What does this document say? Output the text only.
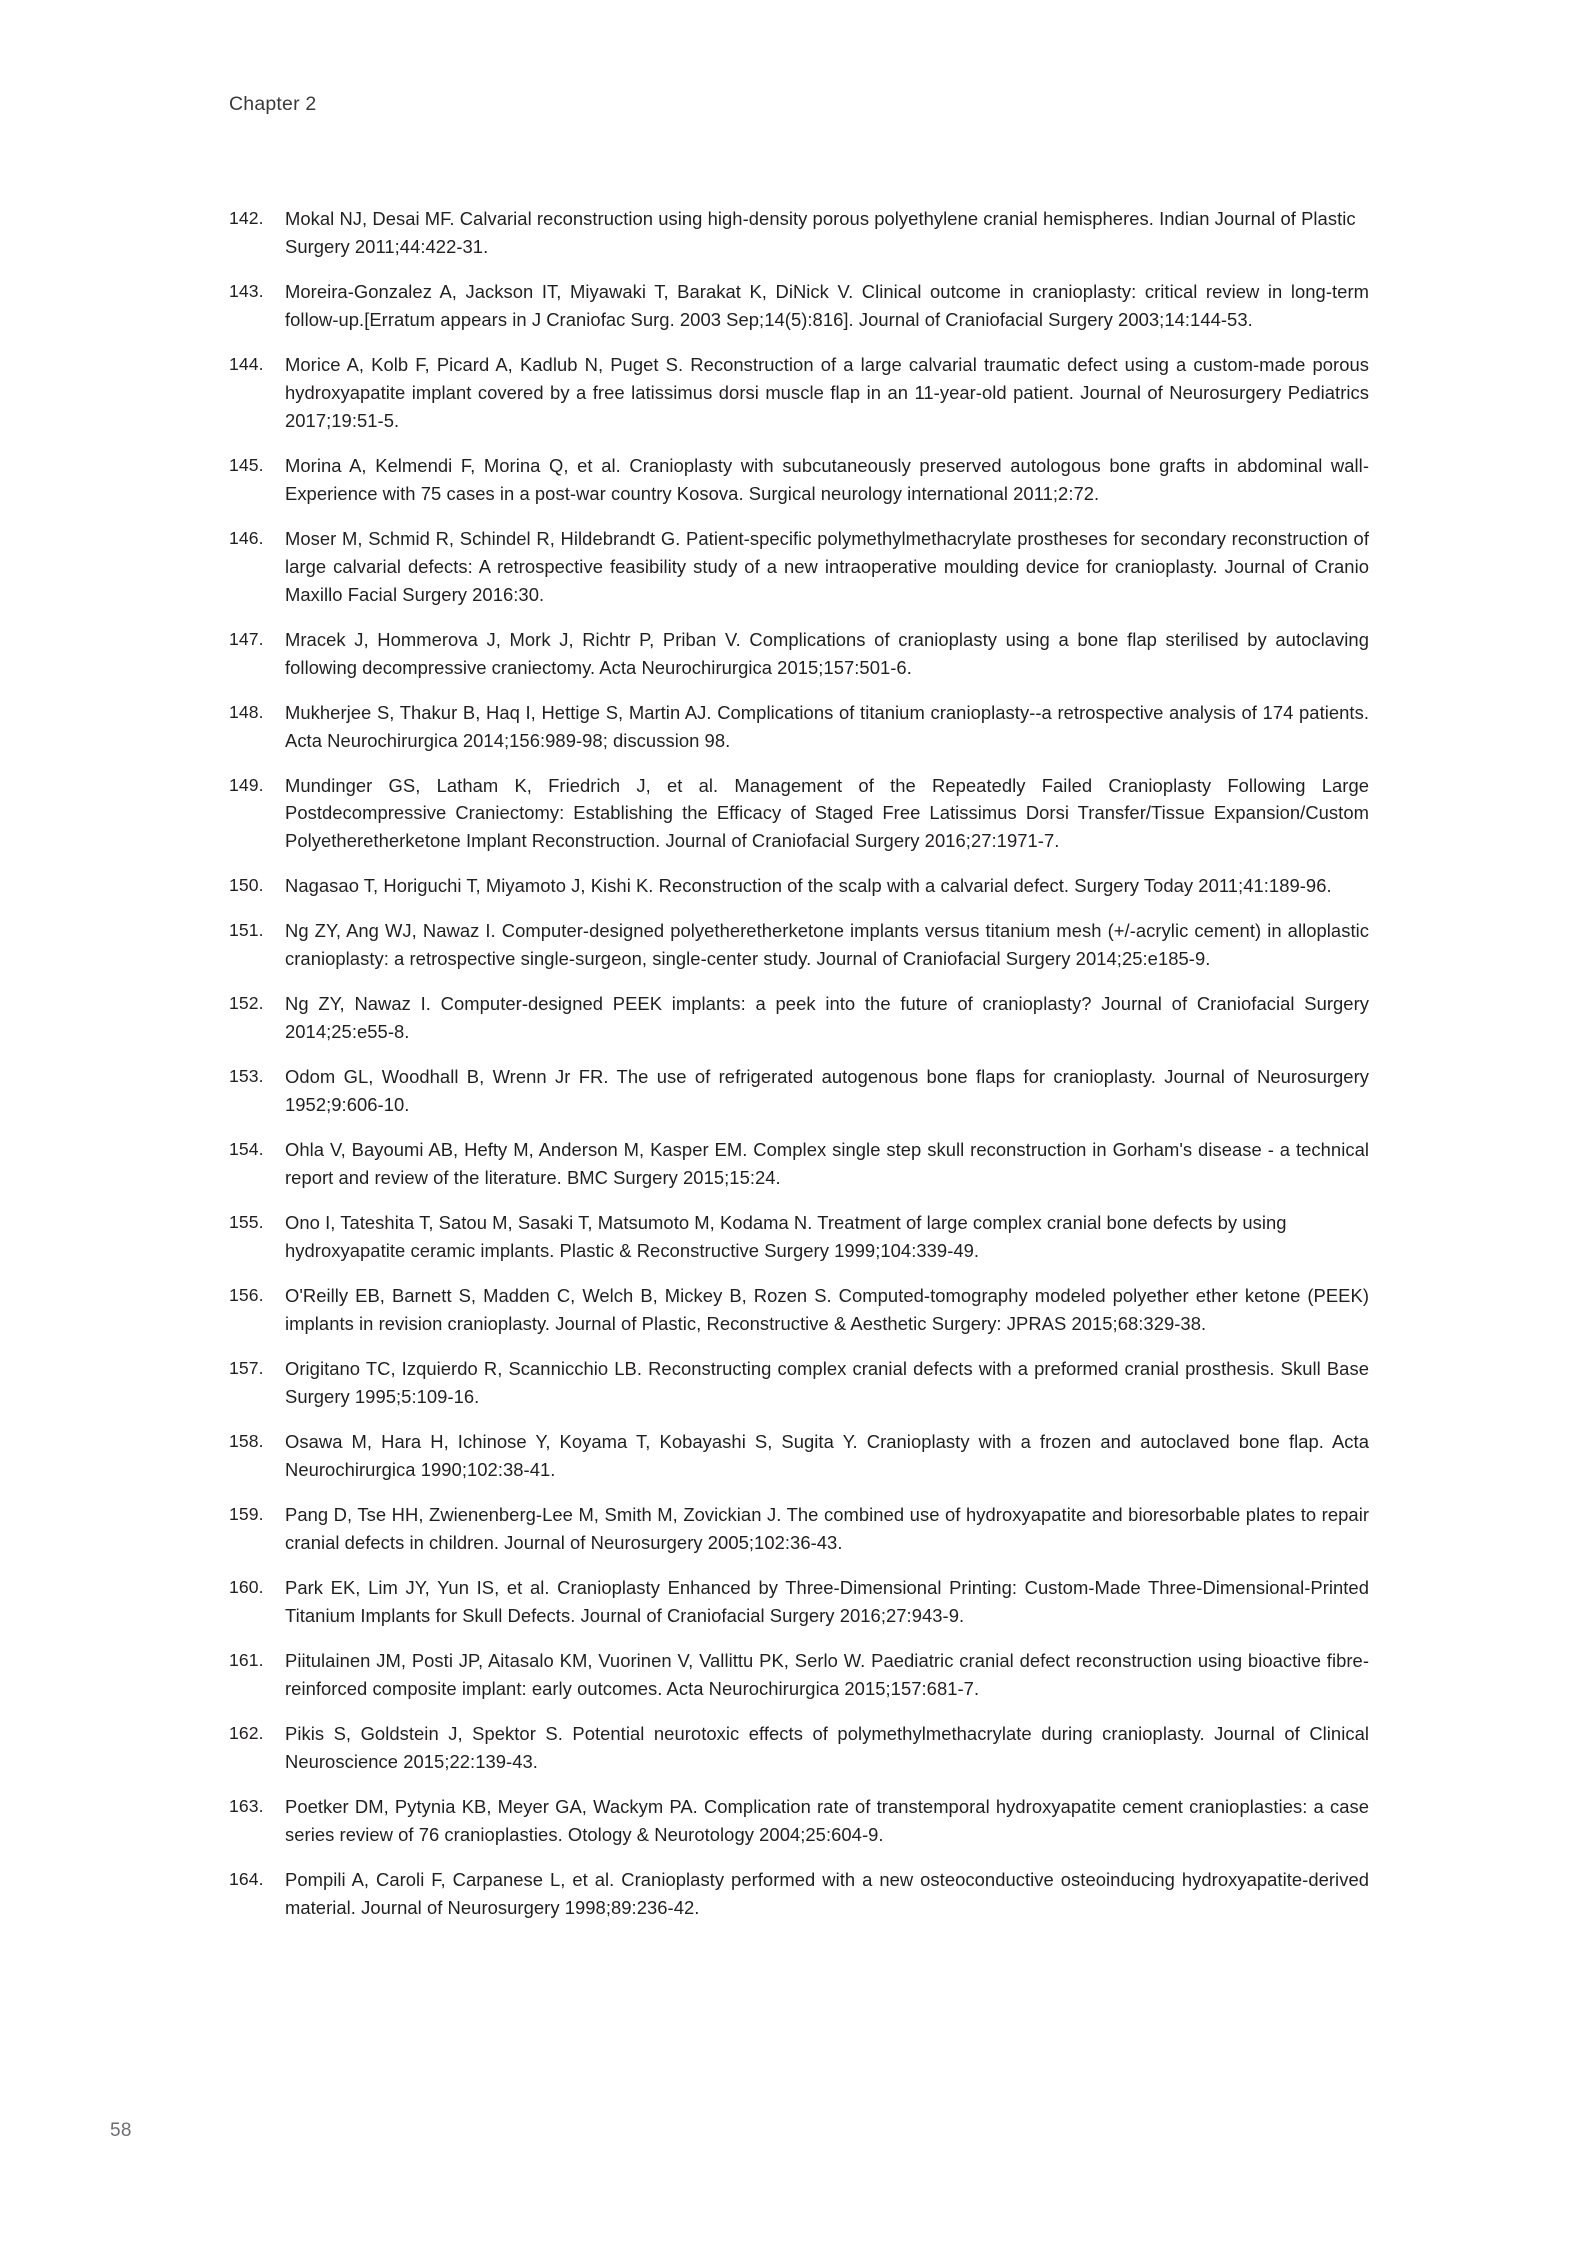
Chapter 2
142.	Mokal NJ, Desai MF. Calvarial reconstruction using high-density porous polyethylene cranial hemispheres. Indian Journal of Plastic Surgery 2011;44:422-31.
143.	Moreira-Gonzalez A, Jackson IT, Miyawaki T, Barakat K, DiNick V. Clinical outcome in cranioplasty: critical review in long-term follow-up.[Erratum appears in J Craniofac Surg. 2003 Sep;14(5):816]. Journal of Craniofacial Surgery 2003;14:144-53.
144.	Morice A, Kolb F, Picard A, Kadlub N, Puget S. Reconstruction of a large calvarial traumatic defect using a custom-made porous hydroxyapatite implant covered by a free latissimus dorsi muscle flap in an 11-year-old patient. Journal of Neurosurgery Pediatrics 2017;19:51-5.
145.	Morina A, Kelmendi F, Morina Q, et al. Cranioplasty with subcutaneously preserved autologous bone grafts in abdominal wall-Experience with 75 cases in a post-war country Kosova. Surgical neurology international 2011;2:72.
146.	Moser M, Schmid R, Schindel R, Hildebrandt G. Patient-specific polymethylmethacrylate prostheses for secondary reconstruction of large calvarial defects: A retrospective feasibility study of a new intraoperative moulding device for cranioplasty. Journal of Cranio Maxillo Facial Surgery 2016:30.
147.	Mracek J, Hommerova J, Mork J, Richtr P, Priban V. Complications of cranioplasty using a bone flap sterilised by autoclaving following decompressive craniectomy. Acta Neurochirurgica 2015;157:501-6.
148.	Mukherjee S, Thakur B, Haq I, Hettige S, Martin AJ. Complications of titanium cranioplasty--a retrospective analysis of 174 patients. Acta Neurochirurgica 2014;156:989-98; discussion 98.
149.	Mundinger GS, Latham K, Friedrich J, et al. Management of the Repeatedly Failed Cranioplasty Following Large Postdecompressive Craniectomy: Establishing the Efficacy of Staged Free Latissimus Dorsi Transfer/Tissue Expansion/Custom Polyetheretherketone Implant Reconstruction. Journal of Craniofacial Surgery 2016;27:1971-7.
150.	Nagasao T, Horiguchi T, Miyamoto J, Kishi K. Reconstruction of the scalp with a calvarial defect. Surgery Today 2011;41:189-96.
151.	Ng ZY, Ang WJ, Nawaz I. Computer-designed polyetheretherketone implants versus titanium mesh (+/-acrylic cement) in alloplastic cranioplasty: a retrospective single-surgeon, single-center study. Journal of Craniofacial Surgery 2014;25:e185-9.
152.	Ng ZY, Nawaz I. Computer-designed PEEK implants: a peek into the future of cranioplasty? Journal of Craniofacial Surgery 2014;25:e55-8.
153.	Odom GL, Woodhall B, Wrenn Jr FR. The use of refrigerated autogenous bone flaps for cranioplasty. Journal of Neurosurgery 1952;9:606-10.
154.	Ohla V, Bayoumi AB, Hefty M, Anderson M, Kasper EM. Complex single step skull reconstruction in Gorham's disease - a technical report and review of the literature. BMC Surgery 2015;15:24.
155.	Ono I, Tateshita T, Satou M, Sasaki T, Matsumoto M, Kodama N. Treatment of large complex cranial bone defects by using hydroxyapatite ceramic implants. Plastic & Reconstructive Surgery 1999;104:339-49.
156.	O'Reilly EB, Barnett S, Madden C, Welch B, Mickey B, Rozen S. Computed-tomography modeled polyether ether ketone (PEEK) implants in revision cranioplasty. Journal of Plastic, Reconstructive & Aesthetic Surgery: JPRAS 2015;68:329-38.
157.	Origitano TC, Izquierdo R, Scannicchio LB. Reconstructing complex cranial defects with a preformed cranial prosthesis. Skull Base Surgery 1995;5:109-16.
158.	Osawa M, Hara H, Ichinose Y, Koyama T, Kobayashi S, Sugita Y. Cranioplasty with a frozen and autoclaved bone flap. Acta Neurochirurgica 1990;102:38-41.
159.	Pang D, Tse HH, Zwienenberg-Lee M, Smith M, Zovickian J. The combined use of hydroxyapatite and bioresorbable plates to repair cranial defects in children. Journal of Neurosurgery 2005;102:36-43.
160.	Park EK, Lim JY, Yun IS, et al. Cranioplasty Enhanced by Three-Dimensional Printing: Custom-Made Three-Dimensional-Printed Titanium Implants for Skull Defects. Journal of Craniofacial Surgery 2016;27:943-9.
161.	Piitulainen JM, Posti JP, Aitasalo KM, Vuorinen V, Vallittu PK, Serlo W. Paediatric cranial defect reconstruction using bioactive fibre-reinforced composite implant: early outcomes. Acta Neurochirurgica 2015;157:681-7.
162.	Pikis S, Goldstein J, Spektor S. Potential neurotoxic effects of polymethylmethacrylate during cranioplasty. Journal of Clinical Neuroscience 2015;22:139-43.
163.	Poetker DM, Pytynia KB, Meyer GA, Wackym PA. Complication rate of transtemporal hydroxyapatite cement cranioplasties: a case series review of 76 cranioplasties. Otology & Neurotology 2004;25:604-9.
164.	Pompili A, Caroli F, Carpanese L, et al. Cranioplasty performed with a new osteoconductive osteoinducing hydroxyapatite-derived material. Journal of Neurosurgery 1998;89:236-42.
58
